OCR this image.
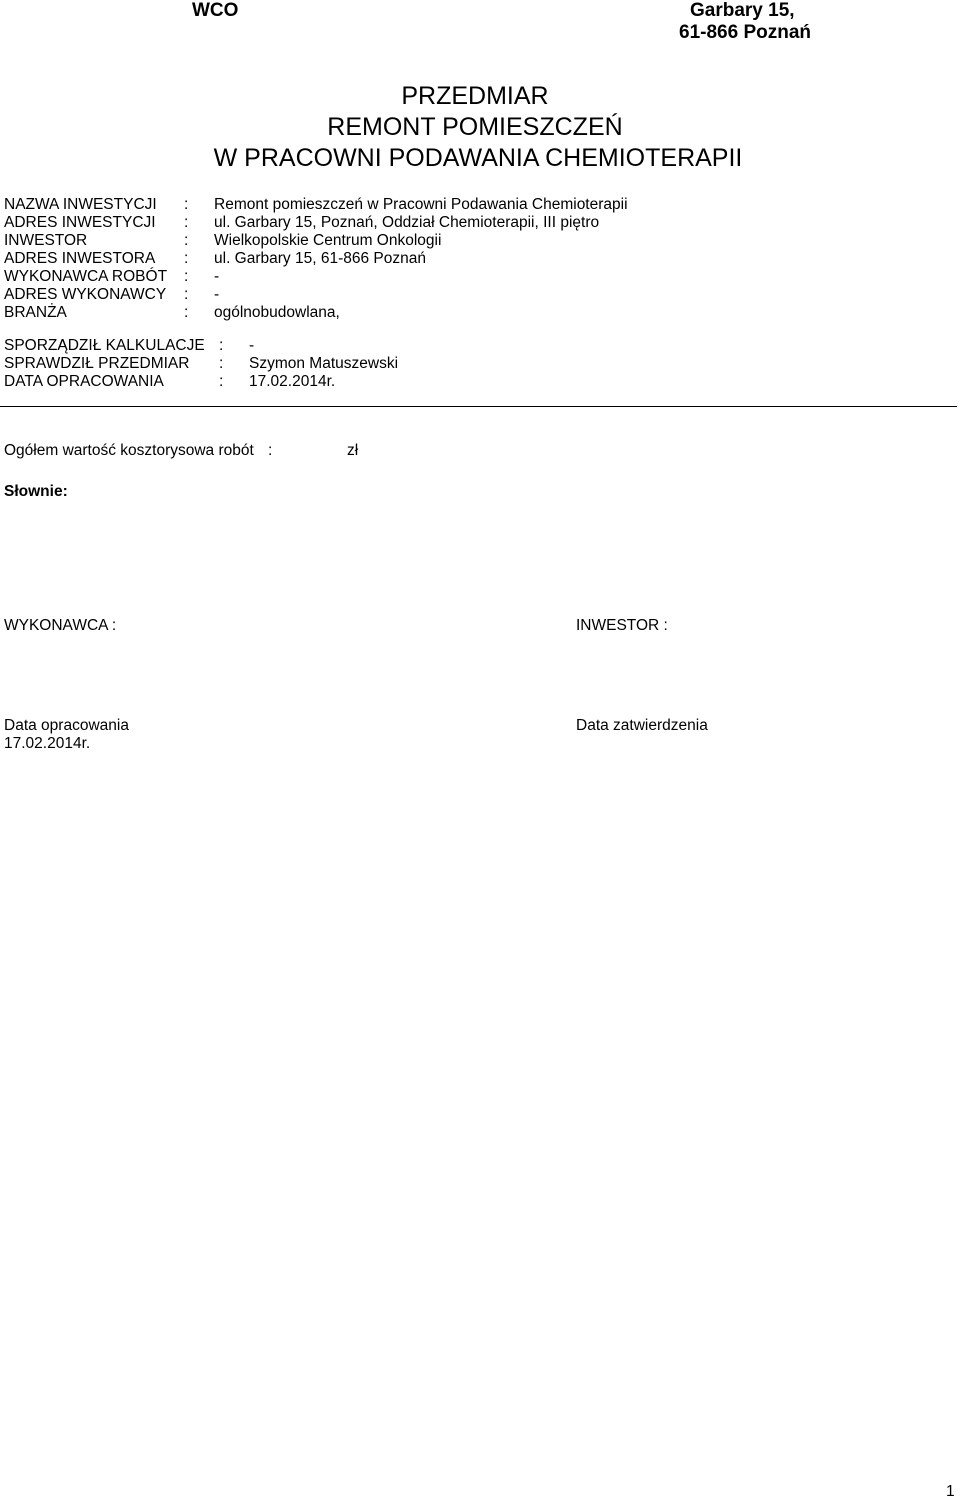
WCO	Garbary 15,
61-866 Poznań
PRZEDMIAR
REMONT POMIESZCZEŃ
W PRACOWNI PODAWANIA CHEMIOTERAPII
NAZWA INWESTYCJI : Remont pomieszczeń w Pracowni Podawania Chemioterapii
ADRES INWESTYCJI : ul. Garbary 15, Poznań, Oddział Chemioterapii, III piętro
INWESTOR	: Wielkopolskie Centrum Onkologii
ADRES INWESTORA : ul. Garbary 15, 61-866 Poznań
WYKONAWCA ROBÓT : -
ADRES WYKONAWCY : -
BRANŻA	: ogólnobudowlana,
SPORZĄDZIŁ KALKULACJE : -
SPRAWDZIŁ PRZEDMIAR : Szymon Matuszewski
DATA OPRACOWANIA	: 17.02.2014r.
Ogółem wartość kosztorysowa robót :	zł
Słownie:
WYKONAWCA :	INWESTOR :
Data opracowania
17.02.2014r.
Data zatwierdzenia
1
